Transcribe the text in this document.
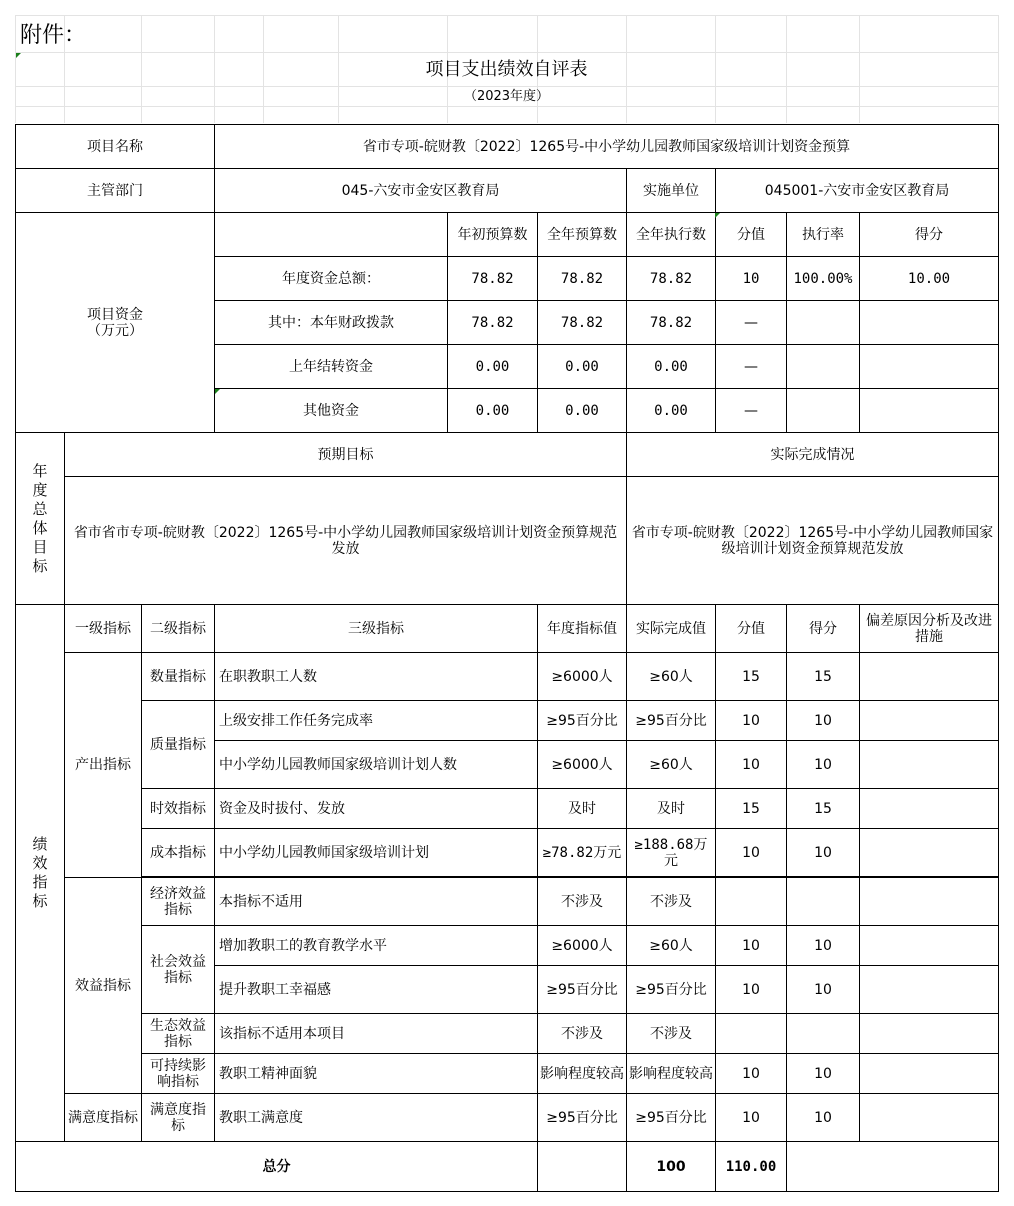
附件：
项目支出绩效自评表
（2023年度）
项目名称			省市专项-皖财教〔2022〕1265号-中小学幼儿园教师国家级培训计划资金预算						
主管部门			045-六安市金安区教育局			实施单位	045001-六安市金安区教育局		
项目资金
（万元）				年初预算数	全年预算数	全年执行数	分值	执行率	得分
			年度资金总额：	78.82	78.82	78.82	10	100.00%	10.00
			其中：本年财政拨款	78.82	78.82	78.82	—		
			上年结转资金	0.00	0.00	0.00	—		
			其他资金	0.00	0.00	0.00	—		
年度总体目标	预期目标					实际完成情况			
	省市省市专项-皖财教〔2022〕1265号-中小学幼儿园教师国家级培训计划资金预算规范发放					省市专项-皖财教〔2022〕1265号-中小学幼儿园教师国家级培训计划资金预算规范发放			
绩效指标	一级指标	二级指标	三级指标		年度指标值	实际完成值	分值	得分	偏差原因分析及改进措施
	产出指标	数量指标	在职教职工人数		≥6000人	≥60人	15	15	
		质量指标	上级安排工作任务完成率		≥95百分比	≥95百分比	10	10	
			中小学幼儿园教师国家级培训计划人数		≥6000人	≥60人	10	10	
		时效指标	资金及时拔付、发放		及时	及时	15	15	
		成本指标	中小学幼儿园教师国家级培训计划		≥78.82万元	≥188.68万元	10	10	

	效益指标	经济效益指标	本指标不适用		不涉及	不涉及			
		社会效益指标	增加教职工的教育教学水平		≥6000人	≥60人	10	10	
			提升教职工幸福感		≥95百分比	≥95百分比	10	10	
		生态效益指标	该指标不适用本项目		不涉及	不涉及			
		可持续影响指标	教职工精神面貌		影响程度较高	影响程度较高	10	10	
	满意度指标	满意度指标	教职工满意度		≥95百分比	≥95百分比	10	10	
总分						100	110.00		
